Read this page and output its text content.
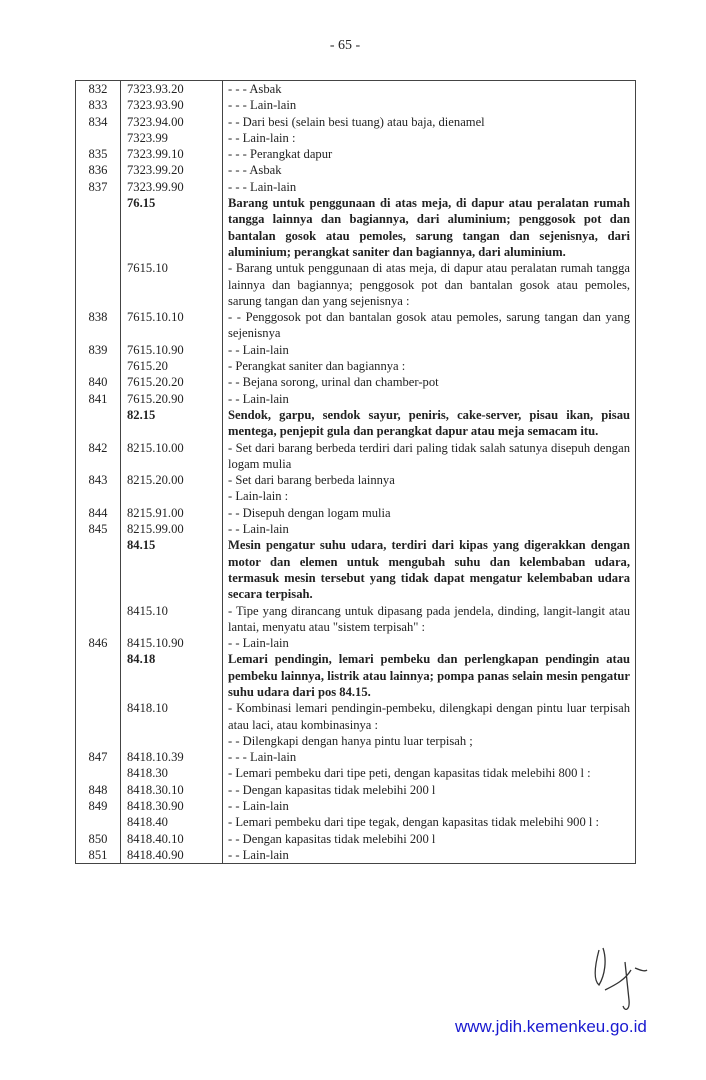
- 65 -
832	7323.93.20	- - - Asbak
833	7323.93.90	- - - Lain-lain
834	7323.94.00	- - Dari besi (selain besi tuang) atau baja, dienamel
	7323.99	- - Lain-lain :
835	7323.99.10	- - - Perangkat dapur
836	7323.99.20	- - - Asbak
837	7323.99.90	- - - Lain-lain
	76.15	Barang untuk penggunaan di atas meja, di dapur atau peralatan rumah tangga lainnya dan bagiannya, dari aluminium; penggosok pot dan bantalan gosok atau pemoles, sarung tangan dan sejenisnya, dari aluminium; perangkat saniter dan bagiannya, dari aluminium.
	7615.10	- Barang untuk penggunaan di atas meja, di dapur atau peralatan rumah tangga lainnya dan bagiannya; penggosok pot dan bantalan gosok atau pemoles, sarung tangan dan yang sejenisnya :
838	7615.10.10	- - Penggosok pot dan bantalan gosok atau pemoles, sarung tangan dan yang sejenisnya
839	7615.10.90	- - Lain-lain
	7615.20	- Perangkat saniter dan bagiannya :
840	7615.20.20	- - Bejana sorong, urinal dan chamber-pot
841	7615.20.90	- - Lain-lain
	82.15	Sendok, garpu, sendok sayur, peniris, cake-server, pisau ikan, pisau mentega, penjepit gula dan perangkat dapur atau meja semacam itu.
842	8215.10.00	- Set dari barang berbeda terdiri dari paling tidak salah satunya disepuh dengan logam mulia
843	8215.20.00	- Set dari barang berbeda lainnya
		- Lain-lain :
844	8215.91.00	- - Disepuh dengan logam mulia
845	8215.99.00	- - Lain-lain
	84.15	Mesin pengatur suhu udara, terdiri dari kipas yang digerakkan dengan motor dan elemen untuk mengubah suhu dan kelembaban udara, termasuk mesin tersebut yang tidak dapat mengatur kelembaban udara secara terpisah.
	8415.10	- Tipe yang dirancang untuk dipasang pada jendela, dinding, langit-langit atau lantai, menyatu atau "sistem terpisah" :
846	8415.10.90	- - Lain-lain
	84.18	Lemari pendingin, lemari pembeku dan perlengkapan pendingin atau pembeku lainnya, listrik atau lainnya; pompa panas selain mesin pengatur suhu udara dari pos 84.15.
	8418.10	- Kombinasi lemari pendingin-pembeku, dilengkapi dengan pintu luar terpisah atau laci, atau kombinasinya :
		- - Dilengkapi dengan hanya pintu luar terpisah ;
847	8418.10.39	- - - Lain-lain
	8418.30	- Lemari pembeku dari tipe peti, dengan kapasitas tidak melebihi 800 l :
848	8418.30.10	- - Dengan kapasitas tidak melebihi 200 l
849	8418.30.90	- - Lain-lain
	8418.40	- Lemari pembeku dari tipe tegak, dengan kapasitas tidak melebihi 900 l :
850	8418.40.10	- - Dengan kapasitas tidak melebihi 200 l
851	8418.40.90	- - Lain-lain
www.jdih.kemenkeu.go.id
